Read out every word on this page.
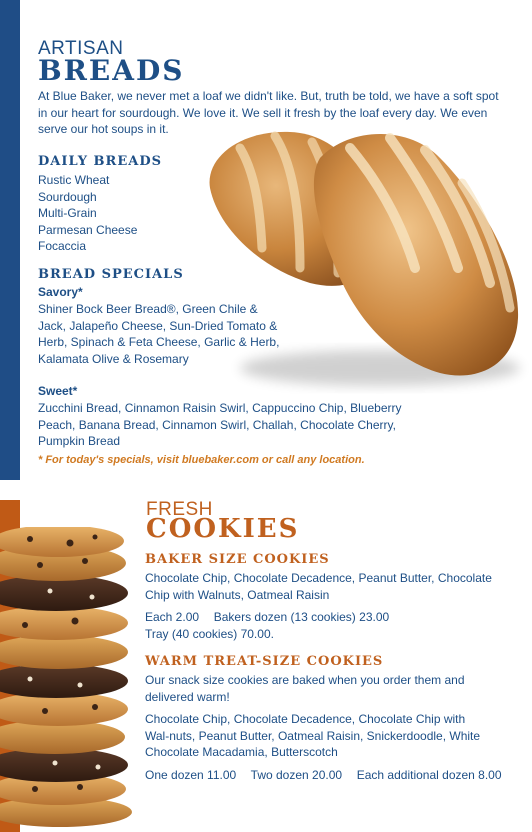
ARTISAN
BREADS

At Blue Baker, we never met a loaf we didn't like. But, truth be told, we have a soft spot in our heart for sourdough. We love it. We sell it fresh by the loaf every day. We even serve our hot soups in it.

DAILY BREADS
Rustic Wheat
Sourdough
Multi-Grain
Parmesan Cheese
Focaccia
BREAD SPECIALS
Savory*

Shiner Bock Beer Bread®, Green Chile & Jack, Jalapeño Cheese, Sun-Dried Tomato & Herb, Spinach & Feta Cheese, Garlic & Herb, Kalamata Olive & Rosemary

Sweet*

Zucchini Bread, Cinnamon Raisin Swirl, Cappuccino Chip, Blueberry Peach, Banana Bread, Cinnamon Swirl, Challah, Chocolate Cherry, Pumpkin Bread

* For today's specials, visit bluebaker.com or call any location.
FRESH
COOKIES
BAKER SIZE COOKIES

Chocolate Chip, Chocolate Decadence, Peanut Butter, Chocolate Chip with Walnuts, Oatmeal Raisin

Each 2.00 Bakers dozen (13 cookies) 23.00
Tray (40 cookies) 70.00.
WARM TREAT-SIZE COOKIES

Our snack size cookies are baked when you order them and delivered warm!

Chocolate Chip, Chocolate Decadence, Chocolate Chip with Wal-nuts, Peanut Butter, Oatmeal Raisin, Snickerdoodle, White Chocolate Macadamia, Butterscotch

One dozen 11.00 Two dozen 20.00 Each additional dozen 8.00
